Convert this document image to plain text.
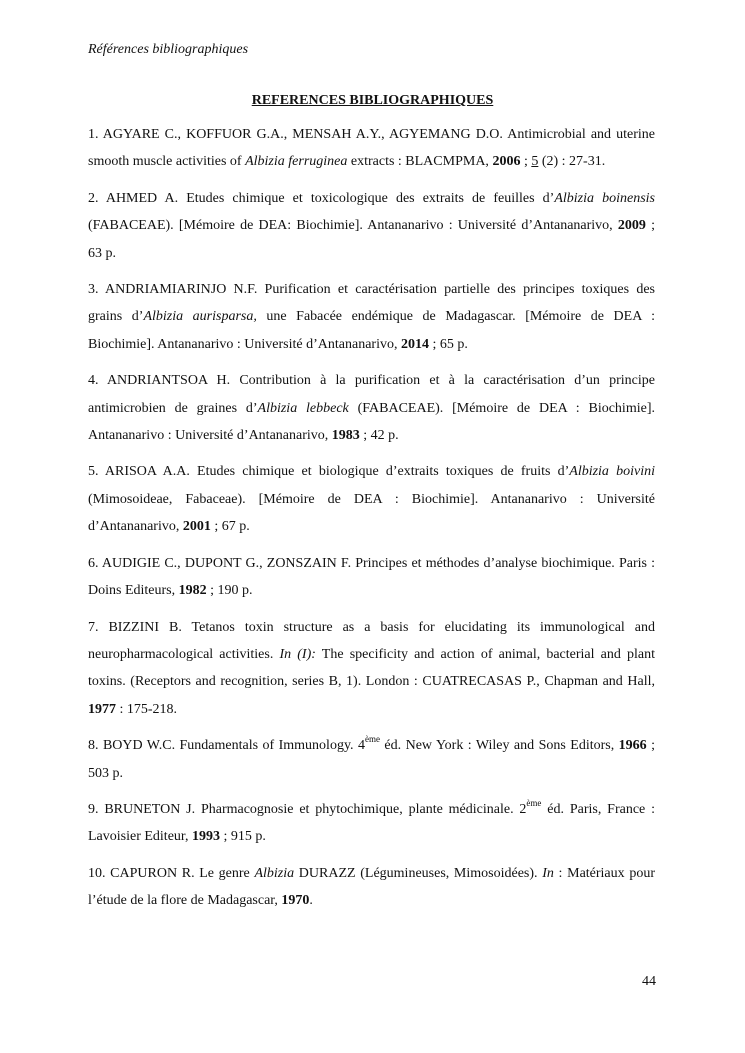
Références bibliographiques
REFERENCES BIBLIOGRAPHIQUES

1. AGYARE C., KOFFUOR G.A., MENSAH A.Y., AGYEMANG D.O. Antimicrobial and uterine smooth muscle activities of Albizia ferruginea extracts : BLACMPMA, 2006 ; 5 (2) : 27-31.

2. AHMED A. Etudes chimique et toxicologique des extraits de feuilles d’Albizia boinensis (FABACEAE). [Mémoire de DEA: Biochimie]. Antananarivo : Université d’Antananarivo, 2009 ; 63 p.

3. ANDRIAMIARINJO N.F. Purification et caractérisation partielle des principes toxiques des grains d’Albizia aurisparsa, une Fabacée endémique de Madagascar. [Mémoire de DEA : Biochimie]. Antananarivo : Université d’Antananarivo, 2014 ; 65 p.

4. ANDRIANTSOA H. Contribution à la purification et à la caractérisation d’un principe antimicrobien de graines d’Albizia lebbeck (FABACEAE). [Mémoire de DEA : Biochimie]. Antananarivo : Université d’Antananarivo, 1983 ; 42 p.

5. ARISOA A.A. Etudes chimique et biologique d’extraits toxiques de fruits d’Albizia boivini (Mimosoideae, Fabaceae). [Mémoire de DEA : Biochimie]. Antananarivo : Université d’Antananarivo, 2001 ; 67 p.

6. AUDIGIE C., DUPONT G., ZONSZAIN F. Principes et méthodes d’analyse biochimique. Paris : Doins Editeurs, 1982 ; 190 p.

7. BIZZINI B. Tetanos toxin structure as a basis for elucidating its immunological and neuropharmacological activities. In (I): The specificity and action of animal, bacterial and plant toxins. (Receptors and recognition, series B, 1). London : CUATRECASAS P., Chapman and Hall, 1977 : 175-218.

8. BOYD W.C. Fundamentals of Immunology. 4ème éd. New York : Wiley and Sons Editors, 1966 ; 503 p.

9. BRUNETON J. Pharmacognosie et phytochimique, plante médicinale. 2ème éd. Paris, France : Lavoisier Editeur, 1993 ; 915 p.

10. CAPURON R. Le genre Albizia DURAZZ (Légumineuses, Mimosoidées). In : Matériaux pour l’étude de la flore de Madagascar, 1970.

44
